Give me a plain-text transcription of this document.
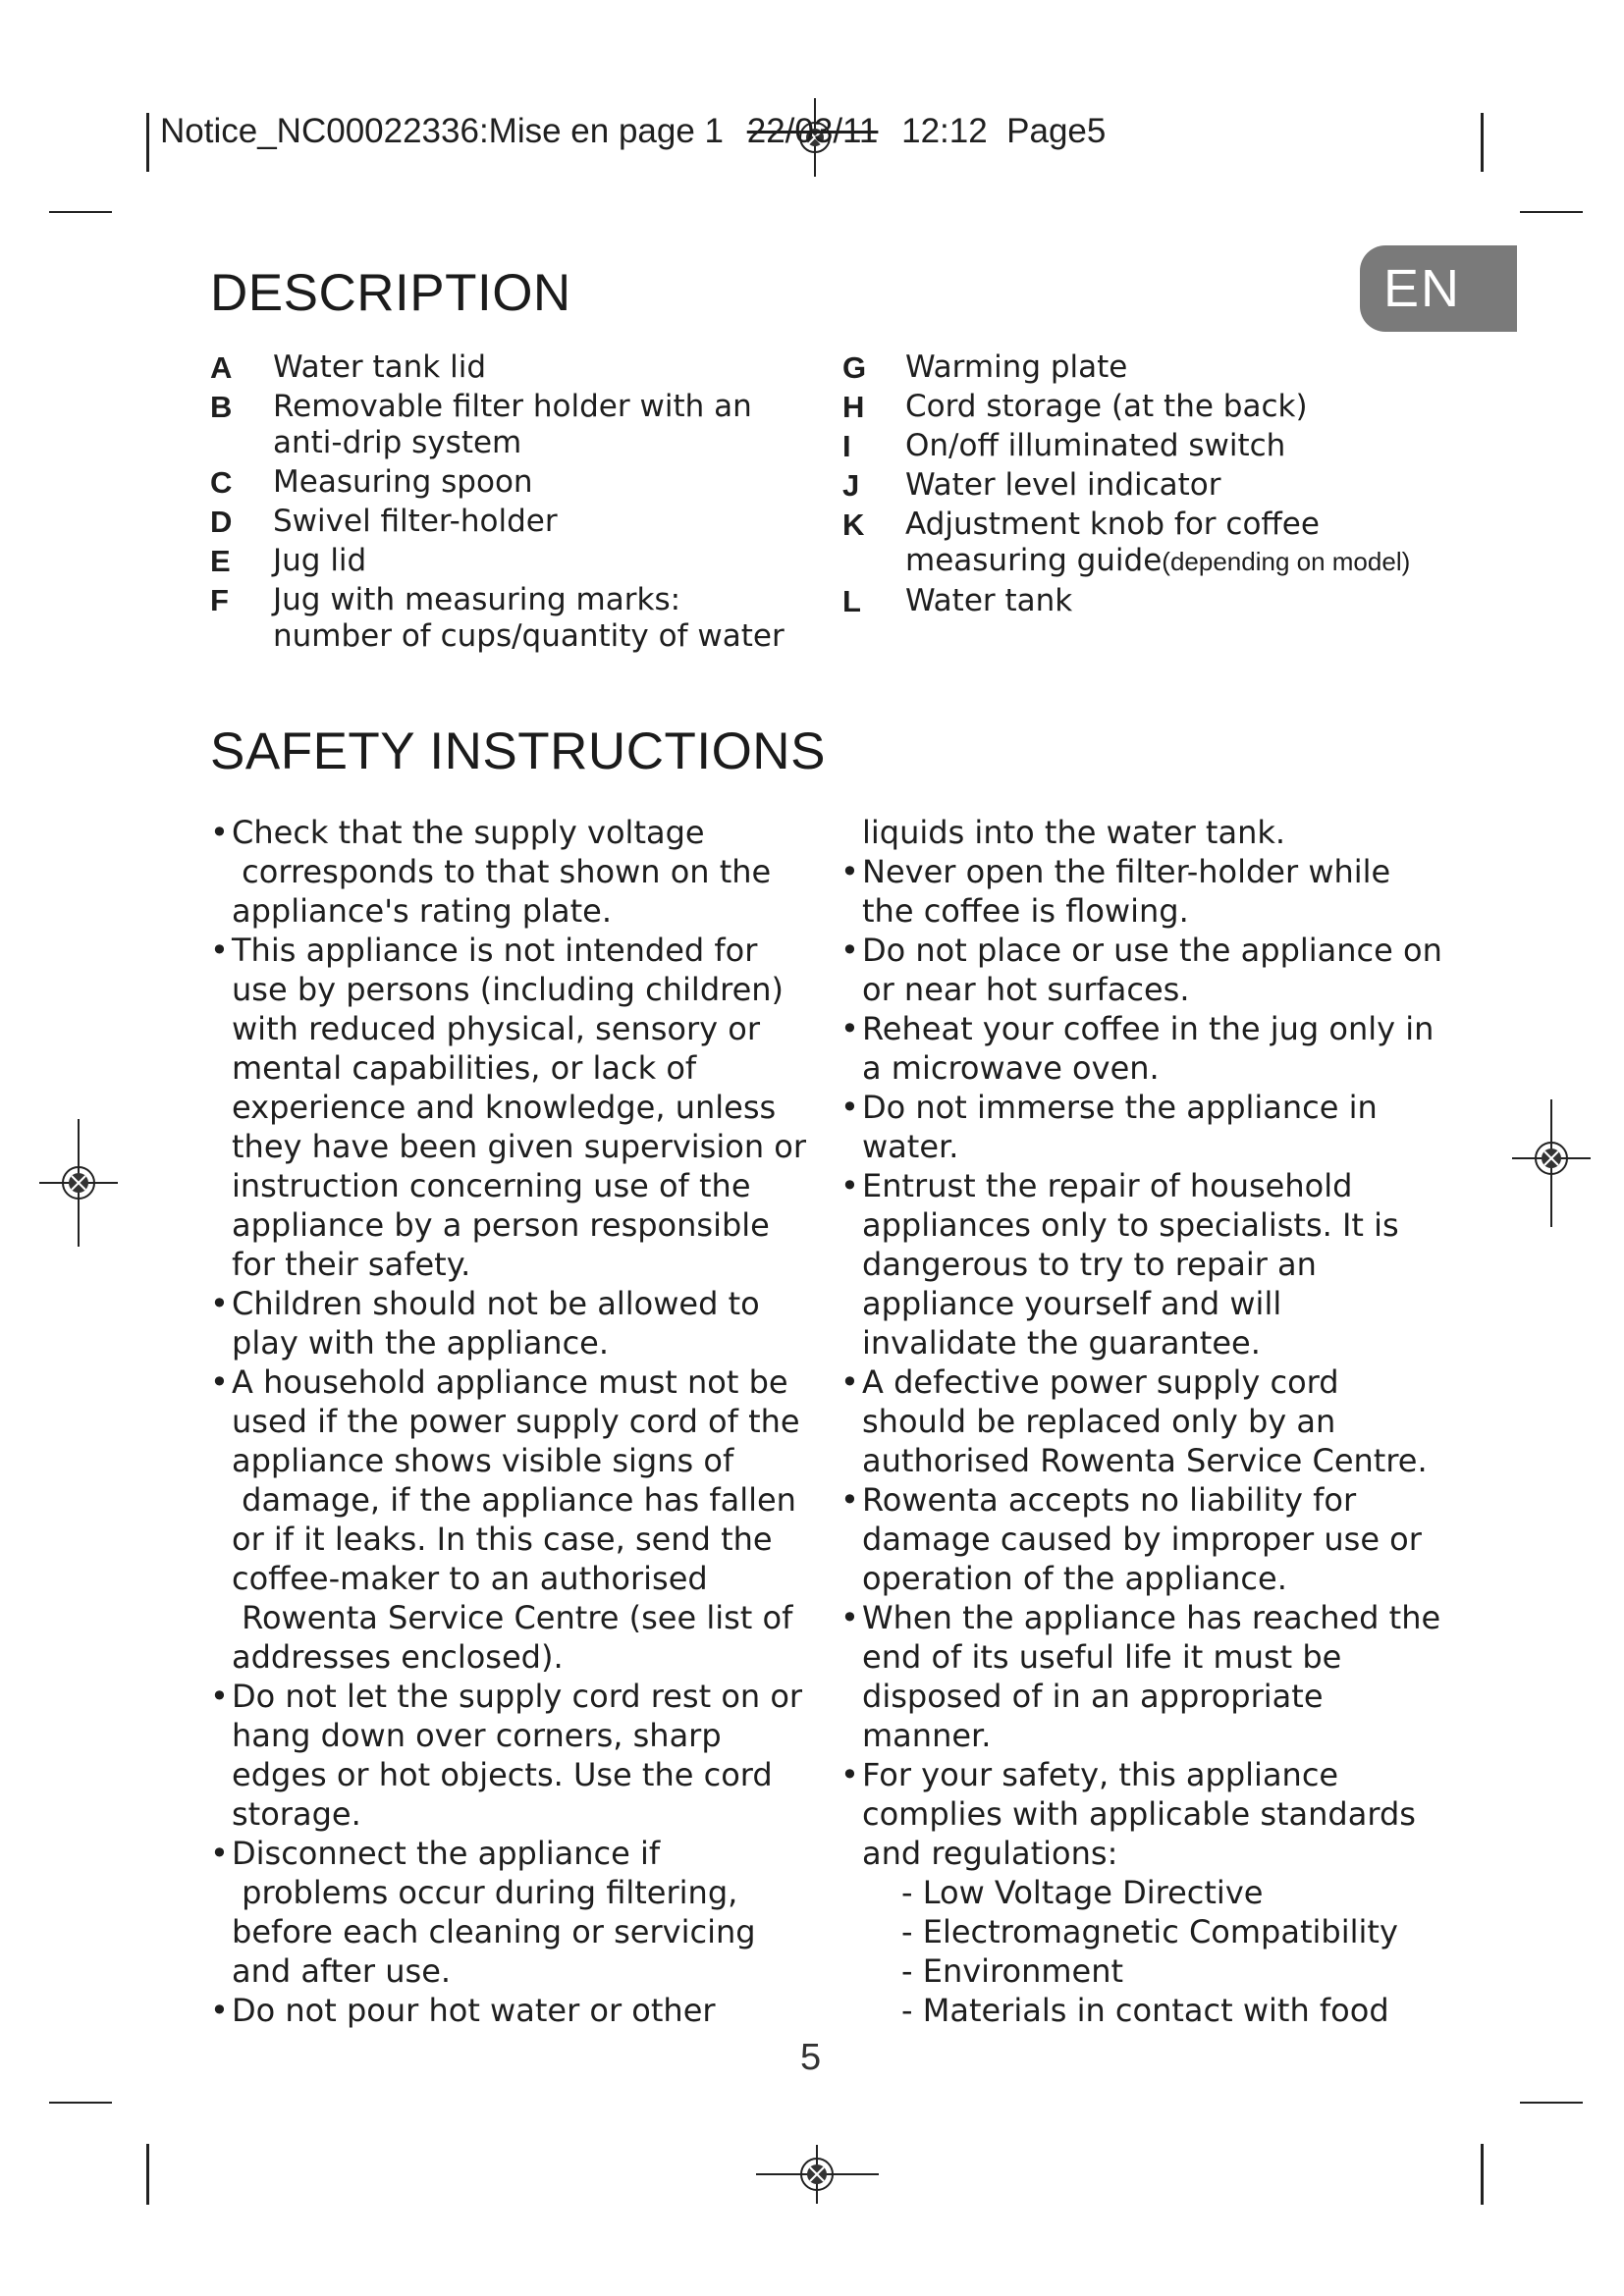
Notice_NC00022336:Mise en page 1 22/03/11 12:12  Page5
EN
DESCRIPTION
A	Water tank lid
B	Removable filter holder with an anti-drip system
C	Measuring spoon
D	Swivel filter-holder
E	Jug lid
F	Jug with measuring marks: number of cups/quantity of water
G	Warming plate
H	Cord storage (at the back)
I	On/off illuminated switch
J	Water level indicator
K	Adjustment knob for coffee measuring guide(depending on model)
L	Water tank
SAFETY INSTRUCTIONS
• Check that the supply voltage
corresponds to that shown on the
appliance's rating plate.
• This appliance is not intended for
use by persons (including children)
with reduced physical, sensory or
mental capabilities, or lack of
experience and knowledge, unless
they have been given supervision or
instruction concerning use of the
appliance by a person responsible
for their safety.
• Children should not be allowed to
play with the appliance.
• A household appliance must not be
used if the power supply cord of the
appliance shows visible signs of
damage, if the appliance has fallen
or if it leaks. In this case, send the
coffee-maker to an authorised
Rowenta Service Centre (see list of
addresses enclosed).
• Do not let the supply cord rest on or
hang down over corners, sharp
edges or hot objects. Use the cord
storage.
• Disconnect the appliance if
problems occur during filtering,
before each cleaning or servicing
and after use.
• Do not pour hot water or other
liquids into the water tank.
• Never open the filter-holder while
the coffee is flowing.
• Do not place or use the appliance on
or near hot surfaces.
• Reheat your coffee in the jug only in
a microwave oven.
• Do not immerse the appliance in
water.
• Entrust the repair of household
appliances only to specialists. It is
dangerous to try to repair an
appliance yourself and will
invalidate the guarantee.
• A defective power supply cord
should be replaced only by an
authorised Rowenta Service Centre.
• Rowenta accepts no liability for
damage caused by improper use or
operation of the appliance.
• When the appliance has reached the
end of its useful life it must be
disposed of in an appropriate
manner.
• For your safety, this appliance
complies with applicable standards
and regulations:
- Low Voltage Directive
- Electromagnetic Compatibility
- Environment
- Materials in contact with food
5
